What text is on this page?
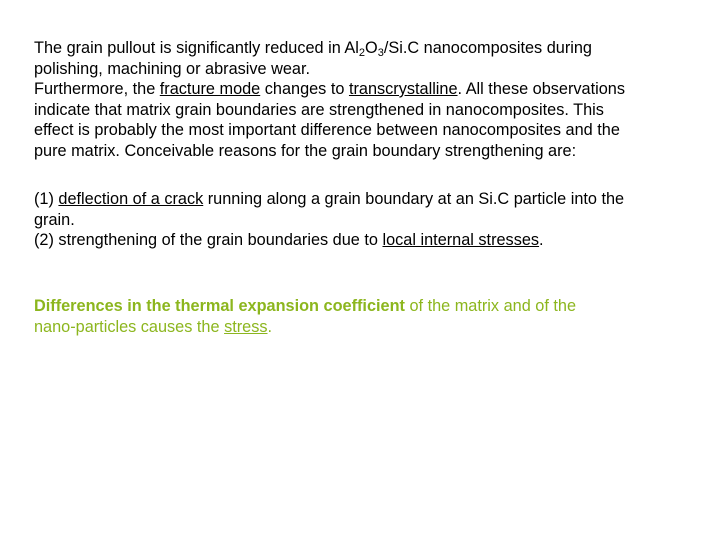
The grain pullout is significantly reduced in $Al_2O_3/Si.C$ nanocomposites during
polishing, machining or abrasive wear.
Furthermore, the fracture mode changes to transcrystalline. All these observations
indicate that matrix grain boundaries are strengthened in nanocomposites. This
effect is probably the most important difference between nanocomposites and the
pure matrix. Conceivable reasons for the grain boundary strengthening are:

(1) deflection of a crack running along a grain boundary at an Si.C particle into the
grain.
(2) strengthening of the grain boundaries due to local internal stresses.

Differences in the thermal expansion coefficient of the matrix and of the
nano-particles causes the stress.
